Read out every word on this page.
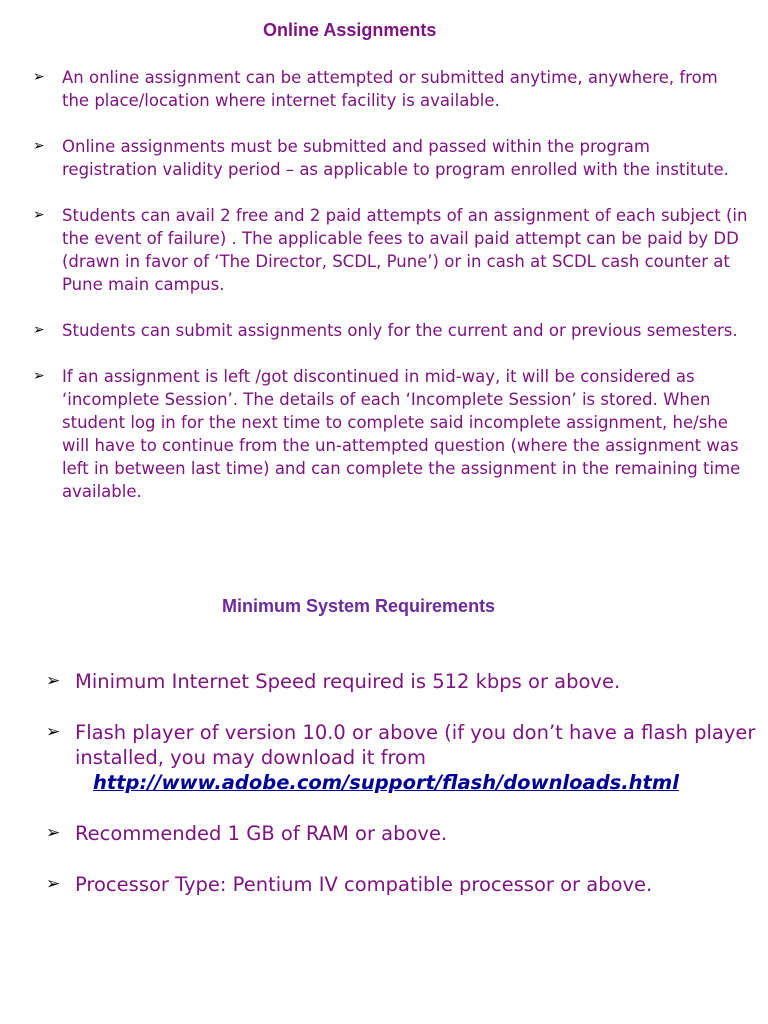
Online Assignments
➢ An online assignment can be attempted or submitted anytime, anywhere, from the place/location where internet facility is available.
➢ Online assignments must be submitted and passed within the program registration validity period – as applicable to program enrolled with the institute.
➢ Students can avail 2 free and 2 paid attempts of an assignment of each subject (in the event of failure) . The applicable fees to avail paid attempt can be paid by DD (drawn in favor of ‘The Director, SCDL, Pune’) or in cash at SCDL cash counter at Pune main campus.
➢ Students can submit assignments only for the current and or previous semesters.
➢ If an assignment is left /got discontinued in mid-way, it will be considered as ‘incomplete Session’. The details of each ‘Incomplete Session’ is stored. When student log in for the next time to complete said incomplete assignment, he/she will have to continue from the un-attempted question (where the assignment was left in between last time) and can complete the assignment in the remaining time available.
Minimum System Requirements
➢ Minimum Internet Speed required is 512 kbps or above.
➢ Flash player of version 10.0 or above (if you don’t have a flash player installed, you may download it from
http://www.adobe.com/support/flash/downloads.html
➢ Recommended 1 GB of RAM or above.
➢ Processor Type: Pentium IV compatible processor or above.
